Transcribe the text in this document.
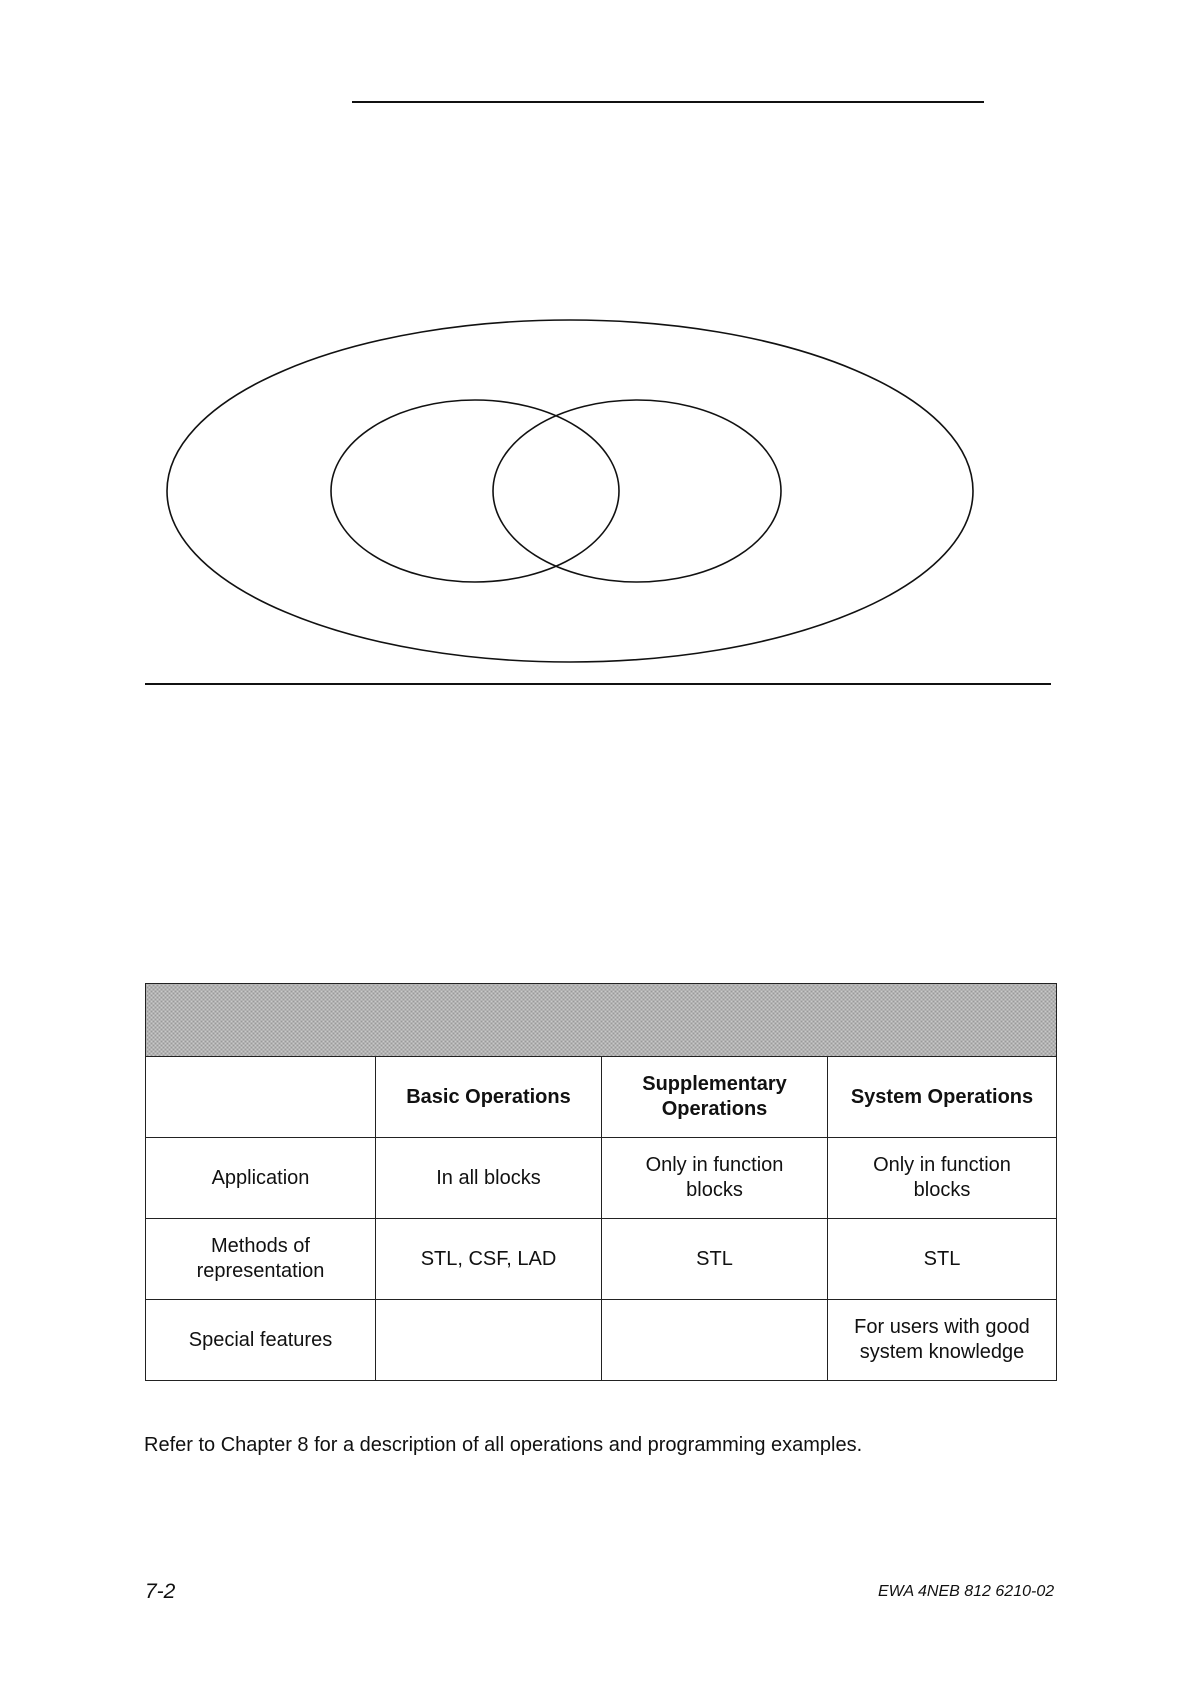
	Basic Operations	Supplementary Operations	System Operations
Application	In all blocks	Only in function blocks	Only in function blocks
Methods of representation	STL, CSF, LAD	STL	STL
Special features			For users with good system knowledge

Refer to Chapter 8 for a description of all operations and programming examples.

7-2	EWA 4NEB 812 6210-02
